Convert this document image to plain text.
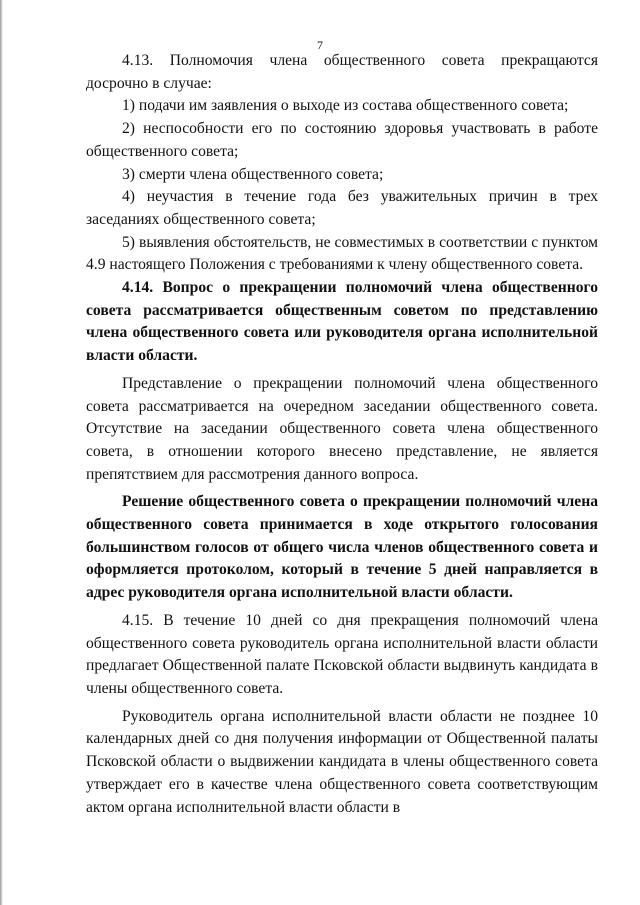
7

4.13. Полномочия члена общественного совета прекращаются досрочно в случае:

1) подачи им заявления о выходе из состава общественного совета;

2) неспособности его по состоянию здоровья участвовать в работе общественного совета;

3) смерти члена общественного совета;

4) неучастия в течение года без уважительных причин в трех заседаниях общественного совета;

5) выявления обстоятельств, не совместимых в соответствии с пунктом 4.9 настоящего Положения с требованиями к члену общественного совета.

4.14. Вопрос о прекращении полномочий члена общественного совета рассматривается общественным советом по представлению члена общественного совета или руководителя органа исполнительной власти области.

Представление о прекращении полномочий члена общественного совета рассматривается на очередном заседании общественного совета. Отсутствие на заседании общественного совета члена общественного совета, в отношении которого внесено представление, не является препятствием для рассмотрения данного вопроса.

Решение общественного совета о прекращении полномочий члена общественного совета принимается в ходе открытого голосования большинством голосов от общего числа членов общественного совета и оформляется протоколом, который в течение 5 дней направляется в адрес руководителя органа исполнительной власти области.

4.15. В течение 10 дней со дня прекращения полномочий члена общественного совета руководитель органа исполнительной власти области предлагает Общественной палате Псковской области выдвинуть кандидата в члены общественного совета.

Руководитель органа исполнительной власти области не позднее 10 календарных дней со дня получения информации от Общественной палаты Псковской области о выдвижении кандидата в члены общественного совета утверждает его в качестве члена общественного совета соответствующим актом органа исполнительной власти области в
